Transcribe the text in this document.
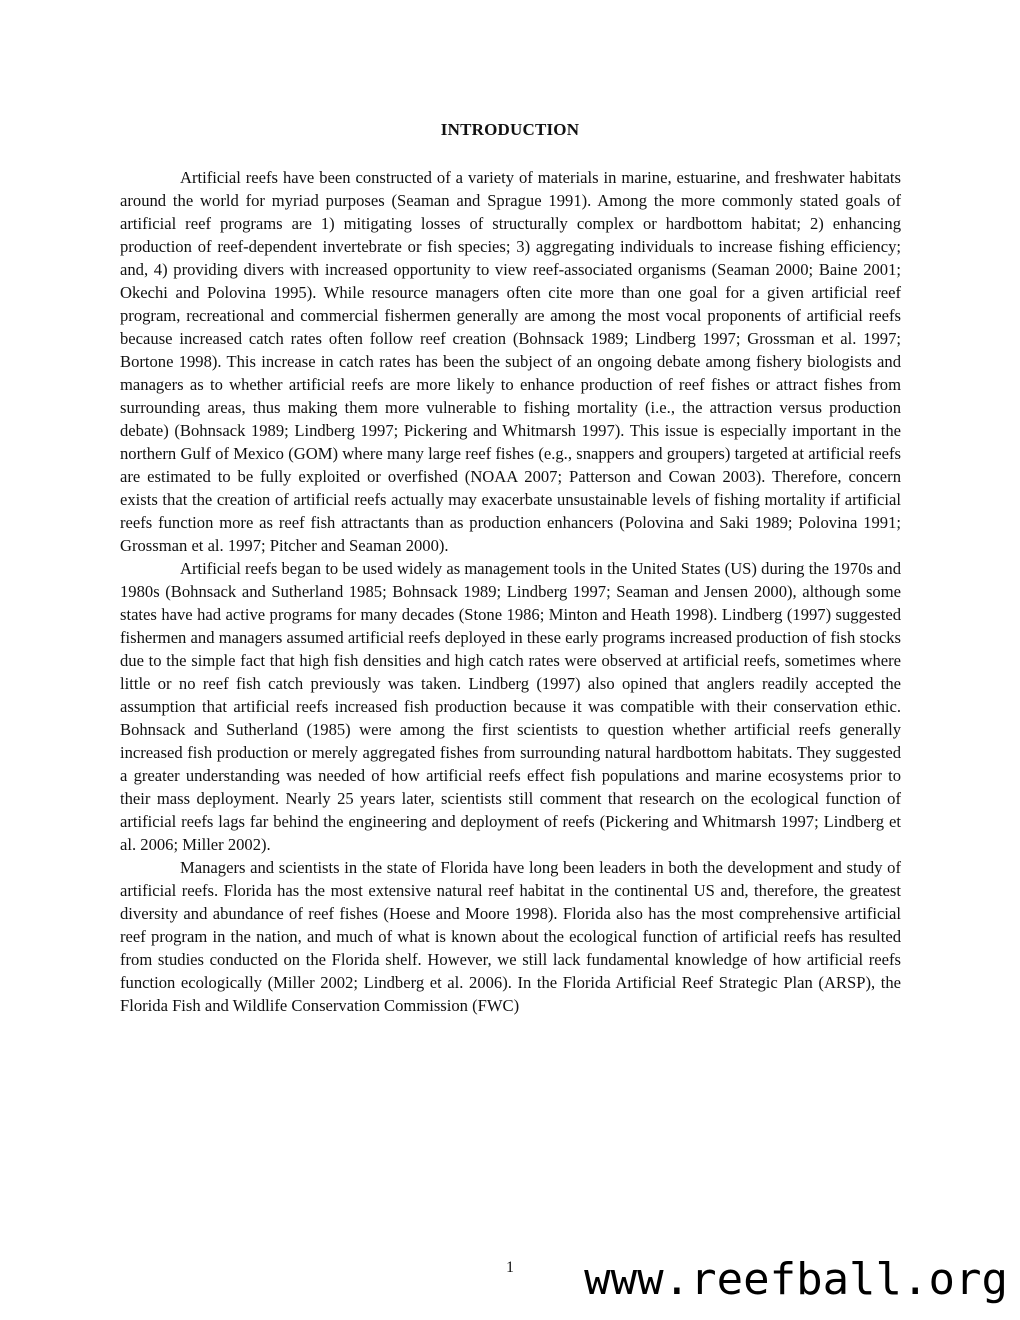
INTRODUCTION

Artificial reefs have been constructed of a variety of materials in marine, estuarine, and freshwater habitats around the world for myriad purposes (Seaman and Sprague 1991). Among the more commonly stated goals of artificial reef programs are 1) mitigating losses of structurally complex or hardbottom habitat; 2) enhancing production of reef-dependent invertebrate or fish species; 3) aggregating individuals to increase fishing efficiency; and, 4) providing divers with increased opportunity to view reef-associated organisms (Seaman 2000; Baine 2001; Okechi and Polovina 1995). While resource managers often cite more than one goal for a given artificial reef program, recreational and commercial fishermen generally are among the most vocal proponents of artificial reefs because increased catch rates often follow reef creation (Bohnsack 1989; Lindberg 1997; Grossman et al. 1997; Bortone 1998). This increase in catch rates has been the subject of an ongoing debate among fishery biologists and managers as to whether artificial reefs are more likely to enhance production of reef fishes or attract fishes from surrounding areas, thus making them more vulnerable to fishing mortality (i.e., the attraction versus production debate) (Bohnsack 1989; Lindberg 1997; Pickering and Whitmarsh 1997). This issue is especially important in the northern Gulf of Mexico (GOM) where many large reef fishes (e.g., snappers and groupers) targeted at artificial reefs are estimated to be fully exploited or overfished (NOAA 2007; Patterson and Cowan 2003). Therefore, concern exists that the creation of artificial reefs actually may exacerbate unsustainable levels of fishing mortality if artificial reefs function more as reef fish attractants than as production enhancers (Polovina and Saki 1989; Polovina 1991; Grossman et al. 1997; Pitcher and Seaman 2000).

Artificial reefs began to be used widely as management tools in the United States (US) during the 1970s and 1980s (Bohnsack and Sutherland 1985; Bohnsack 1989; Lindberg 1997; Seaman and Jensen 2000), although some states have had active programs for many decades (Stone 1986; Minton and Heath 1998). Lindberg (1997) suggested fishermen and managers assumed artificial reefs deployed in these early programs increased production of fish stocks due to the simple fact that high fish densities and high catch rates were observed at artificial reefs, sometimes where little or no reef fish catch previously was taken. Lindberg (1997) also opined that anglers readily accepted the assumption that artificial reefs increased fish production because it was compatible with their conservation ethic. Bohnsack and Sutherland (1985) were among the first scientists to question whether artificial reefs generally increased fish production or merely aggregated fishes from surrounding natural hardbottom habitats. They suggested a greater understanding was needed of how artificial reefs effect fish populations and marine ecosystems prior to their mass deployment. Nearly 25 years later, scientists still comment that research on the ecological function of artificial reefs lags far behind the engineering and deployment of reefs (Pickering and Whitmarsh 1997; Lindberg et al. 2006; Miller 2002).

Managers and scientists in the state of Florida have long been leaders in both the development and study of artificial reefs. Florida has the most extensive natural reef habitat in the continental US and, therefore, the greatest diversity and abundance of reef fishes (Hoese and Moore 1998). Florida also has the most comprehensive artificial reef program in the nation, and much of what is known about the ecological function of artificial reefs has resulted from studies conducted on the Florida shelf. However, we still lack fundamental knowledge of how artificial reefs function ecologically (Miller 2002; Lindberg et al. 2006). In the Florida Artificial Reef Strategic Plan (ARSP), the Florida Fish and Wildlife Conservation Commission (FWC)

1	www.reefball.org
